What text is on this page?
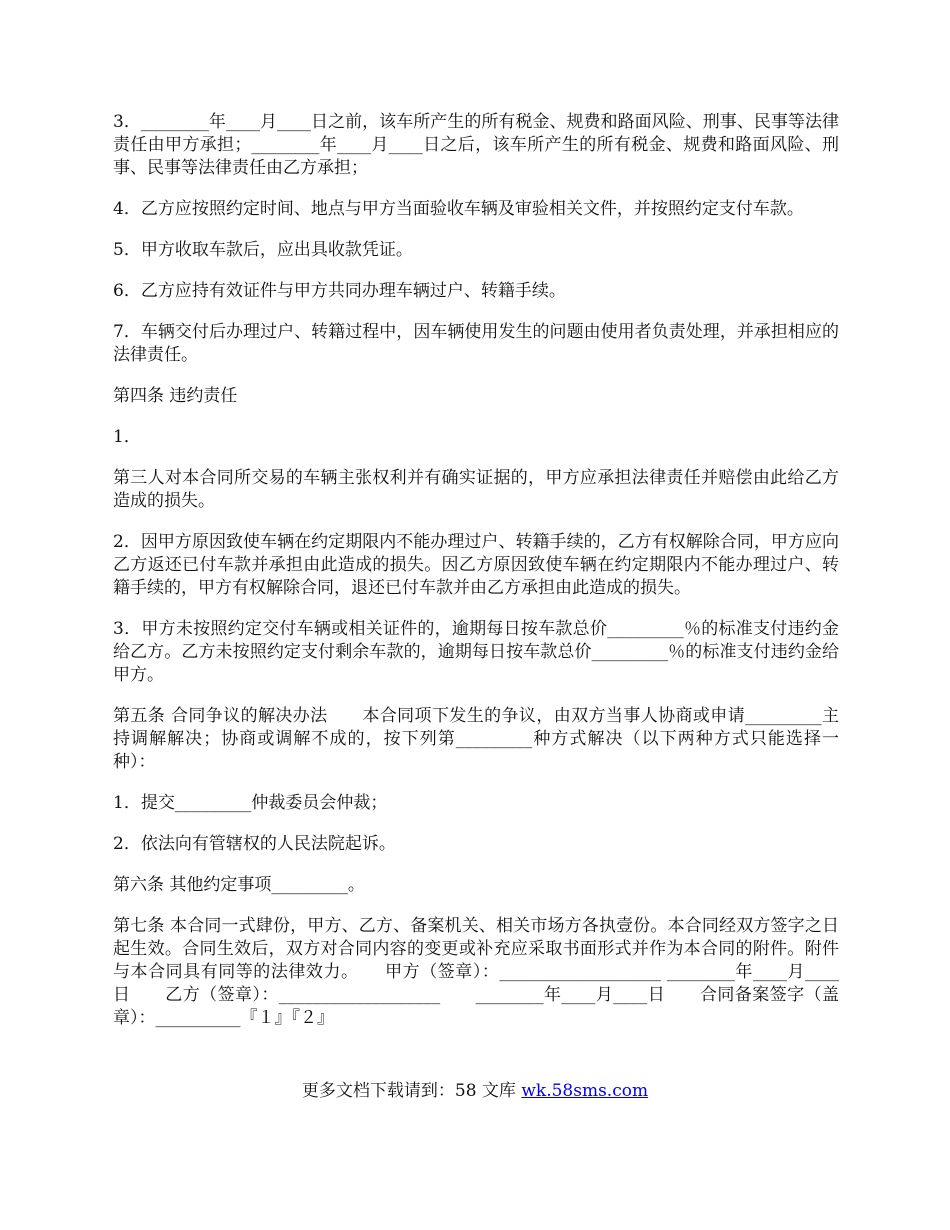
3．________年____月____日之前，该车所产生的所有税金、规费和路面风险、刑事、民事等法律责任由甲方承担；________年____月____日之后，该车所产生的所有税金、规费和路面风险、刑事、民事等法律责任由乙方承担；

4．乙方应按照约定时间、地点与甲方当面验收车辆及审验相关文件，并按照约定支付车款。

5．甲方收取车款后，应出具收款凭证。

6．乙方应持有效证件与甲方共同办理车辆过户、转籍手续。

7．车辆交付后办理过户、转籍过程中，因车辆使用发生的问题由使用者负责处理，并承担相应的法律责任。

第四条 违约责任

1．

第三人对本合同所交易的车辆主张权利并有确实证据的，甲方应承担法律责任并赔偿由此给乙方造成的损失。

2．因甲方原因致使车辆在约定期限内不能办理过户、转籍手续的，乙方有权解除合同，甲方应向乙方返还已付车款并承担由此造成的损失。因乙方原因致使车辆在约定期限内不能办理过户、转籍手续的，甲方有权解除合同，退还已付车款并由乙方承担由此造成的损失。

3．甲方未按照约定交付车辆或相关证件的，逾期每日按车款总价_________％的标准支付违约金给乙方。乙方未按照约定支付剩余车款的，逾期每日按车款总价_________％的标准支付违约金给甲方。

第五条 合同争议的解决办法　　本合同项下发生的争议，由双方当事人协商或申请_________主持调解解决；协商或调解不成的，按下列第_________种方式解决（以下两种方式只能选择一种）：

1．提交_________仲裁委员会仲裁；

2．依法向有管辖权的人民法院起诉。

第六条 其他约定事项_________。

第七条 本合同一式肆份，甲方、乙方、备案机关、相关市场方各执壹份。本合同经双方签字之日起生效。合同生效后，双方对合同内容的变更或补充应采取书面形式并作为本合同的附件。附件与本合同具有同等的法律效力。　　甲方（签章）：___________________ ________年____月____日　　乙方（签章）：___________________　　________年____月____日　　合同备案签字（盖章）：__________『１』『２』

更多文档下载请到：58 文库 wk.58sms.com
